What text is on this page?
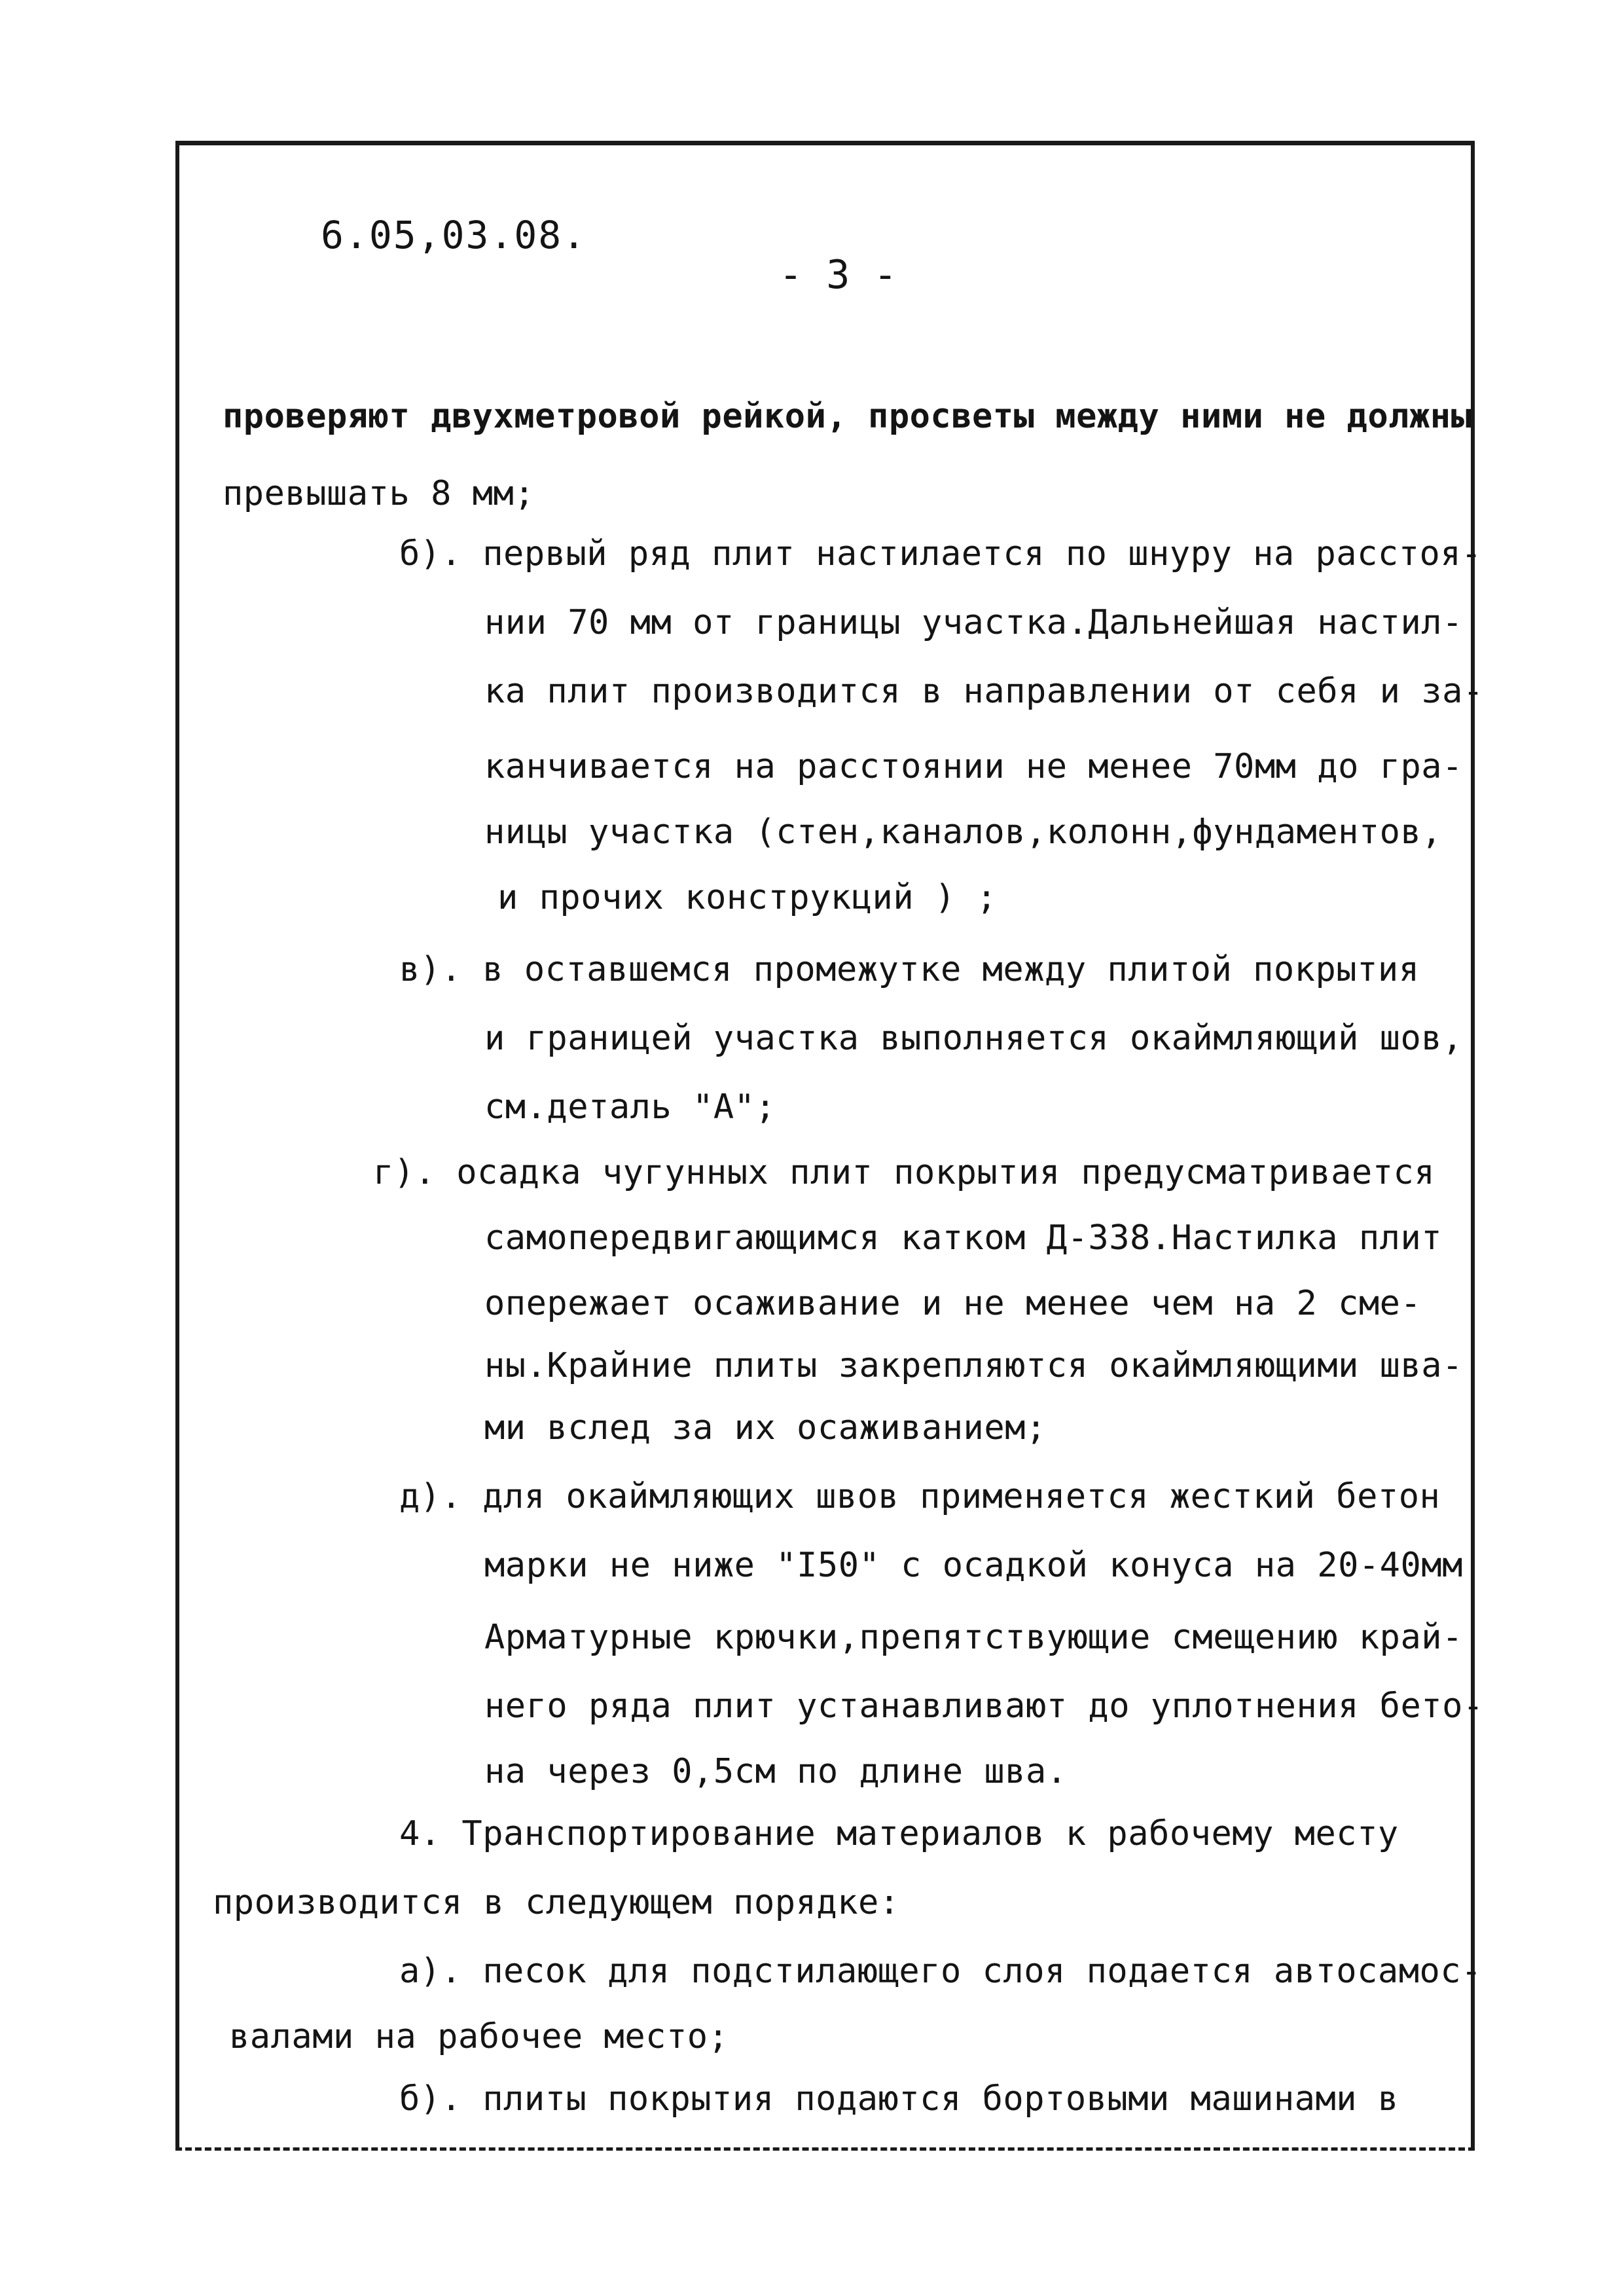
6.05,03.08.
- 3 -
проверяют двухметровой рейкой, просветы между ними не должны
превышать 8 мм;
б). первый ряд плит настилается по шнуру на расстоя-
нии 70 мм от границы участка.Дальнейшая настил-
ка плит производится в направлении от себя и за-
канчивается на расстоянии не менее 70мм до гра-
ницы участка (стен,каналов,колонн,фундаментов,
и прочих конструкций ) ;
в). в оставшемся промежутке между плитой покрытия
и границей участка выполняется окаймляющий шов,
см.деталь "А";
г). осадка чугунных плит покрытия предусматривается
самопередвигающимся катком Д-338.Настилка плит
опережает осаживание и не менее чем на 2 смe-
ны.Крайние плиты закрепляются окаймляющими шва-
ми вслед за их осаживанием;
д). для окаймляющих швов применяется жесткий бетон
марки не ниже "I50" с осадкой конуса на 20-40мм
Арматурные крючки,препятствующие смещению край-
него ряда плит устанавливают до уплотнения бето-
на через 0,5см по длине шва.
4. Транспортирование материалов к рабочему месту
производится в следующем порядке:
а). песок для подстилающего слоя подается автосамос-
валами на рабочее место;
б). плиты покрытия подаются бортовыми машинами в
